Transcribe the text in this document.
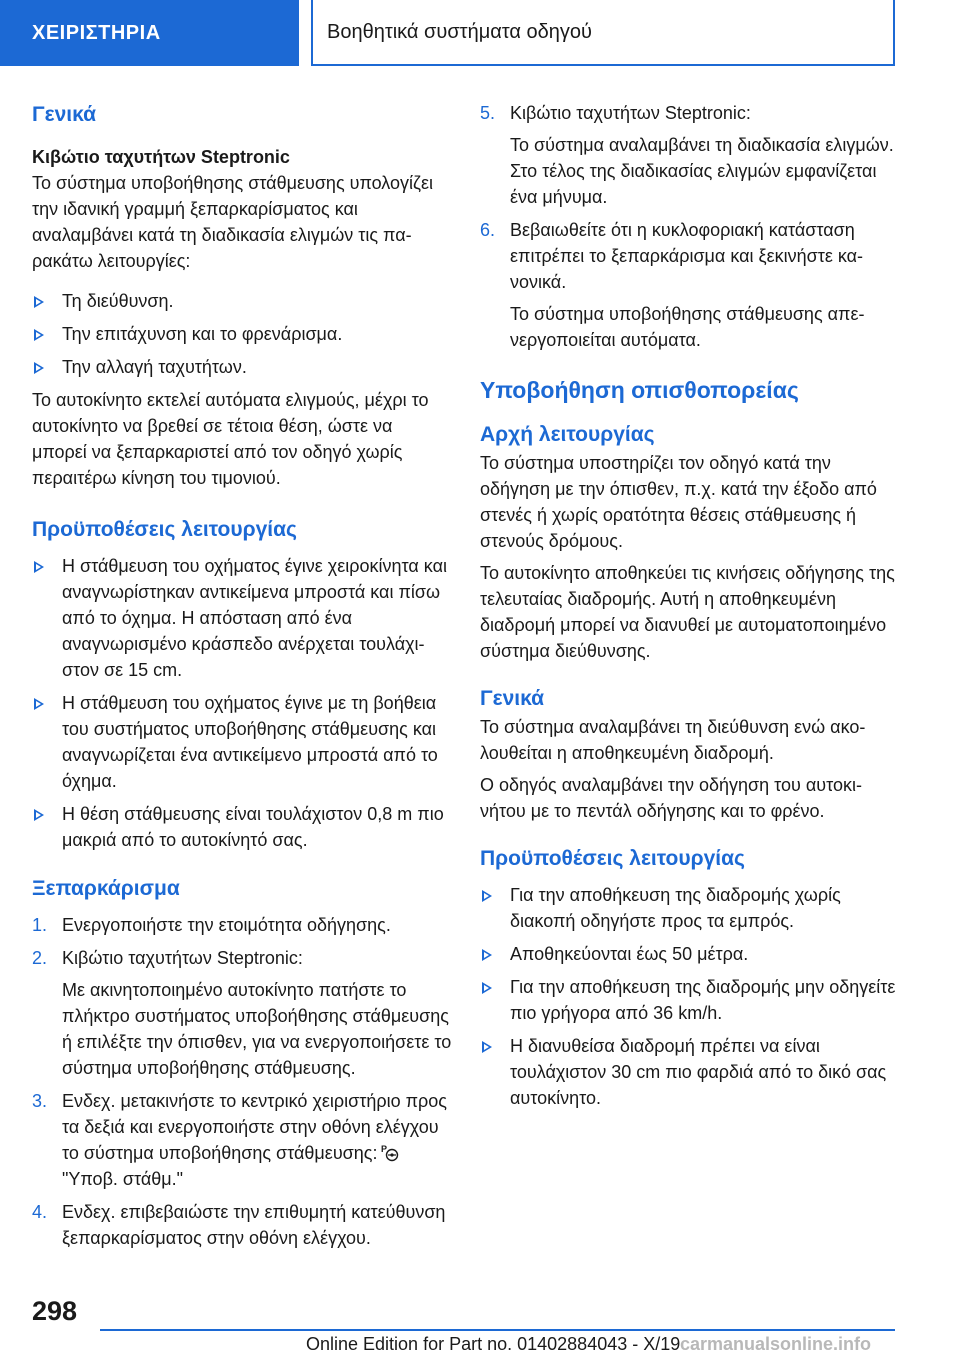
ΧΕΙΡΙΣΤΗΡΙΑ	Βοηθητικά συστήματα οδηγού
Γενικά

Κιβώτιο ταχυτήτων Steptronic

Το σύστημα υποβοήθησης στάθμευσης υπολογίζει την ιδανική γραμμή ξεπαρκαρίσματος και αναλαμβάνει κατά τη διαδικασία ελιγμών τις παρακάτω λειτουργίες:

Τη διεύθυνση.
Την επιτάχυνση και το φρενάρισμα.
Την αλλαγή ταχυτήτων.

Το αυτοκίνητο εκτελεί αυτόματα ελιγμούς, μέχρι το αυτοκίνητο να βρεθεί σε τέτοια θέση, ώστε να μπορεί να ξεπαρκαριστεί από τον οδηγό χωρίς περαιτέρω κίνηση του τιμονιού.

Προϋποθέσεις λειτουργίας
Η στάθμευση του οχήματος έγινε χειροκίνητα και αναγνωρίστηκαν αντικείμενα μπροστά και πίσω από το όχημα. Η απόσταση από ένα αναγνωρισμένο κράσπεδο ανέρχεται τουλάχιστον σε 15 cm.
Η στάθμευση του οχήματος έγινε με τη βοήθεια του συστήματος υποβοήθησης στάθμευσης και αναγνωρίζεται ένα αντικείμενο μπροστά από το όχημα.
Η θέση στάθμευσης είναι τουλάχιστον 0,8 m πιο μακριά από το αυτοκίνητό σας.
Ξεπαρκάρισμα
1. Ενεργοποιήστε την ετοιμότητα οδήγησης.
2. Κιβώτιο ταχυτήτων Steptronic:

Με ακινητοποιημένο αυτοκίνητο πατήστε το πλήκτρο συστήματος υποβοήθησης στάθμευσης ή επιλέξτε την όπισθεν, για να ενεργοποιήσετε το σύστημα υποβοήθησης στάθμευσης.

3. Ενδεχ. μετακινήστε το κεντρικό χειριστήριο προς τα δεξιά και ενεργοποιήστε στην οθόνη ελέγχου το σύστημα υποβοήθησης στάθμευσης: P
"Υποβ. στάθμ."
4. Ενδεχ. επιβεβαιώστε την επιθυμητή κατεύθυνση ξεπαρκαρίσματος στην οθόνη ελέγχου.
5. Κιβώτιο ταχυτήτων Steptronic:

Το σύστημα αναλαμβάνει τη διαδικασία ελιγμών. Στο τέλος της διαδικασίας ελιγμών εμφανίζεται ένα μήνυμα.

6. Βεβαιωθείτε ότι η κυκλοφοριακή κατάσταση επιτρέπει το ξεπαρκάρισμα και ξεκινήστε κανονικά.

Το σύστημα υποβοήθησης στάθμευσης απενεργοποιείται αυτόματα.

Υποβοήθηση οπισθοπορείας
Αρχή λειτουργίας

Το σύστημα υποστηρίζει τον οδηγό κατά την οδήγηση με την όπισθεν, π.χ. κατά την έξοδο από στενές ή χωρίς ορατότητα θέσεις στάθμευσης ή στενούς δρόμους.

Το αυτοκίνητο αποθηκεύει τις κινήσεις οδήγησης της τελευταίας διαδρομής. Αυτή η αποθηκευμένη διαδρομή μπορεί να διανυθεί με αυτοματοποιημένο σύστημα διεύθυνσης.

Γενικά

Το σύστημα αναλαμβάνει τη διεύθυνση ενώ ακολουθείται η αποθηκευμένη διαδρομή.

Ο οδηγός αναλαμβάνει την οδήγηση του αυτοκινήτου με το πεντάλ οδήγησης και το φρένο.

Προϋποθέσεις λειτουργίας
Για την αποθήκευση της διαδρομής χωρίς διακοπή οδηγήστε προς τα εμπρός.
Αποθηκεύονται έως 50 μέτρα.
Για την αποθήκευση της διαδρομής μην οδηγείτε πιο γρήγορα από 36 km/h.
Η διανυθείσα διαδρομή πρέπει να είναι τουλάχιστον 30 cm πιο φαρδιά από το δικό σας αυτοκίνητο.
298
Online Edition for Part no. 01402884043 - X/19 carmanualsonline.info
